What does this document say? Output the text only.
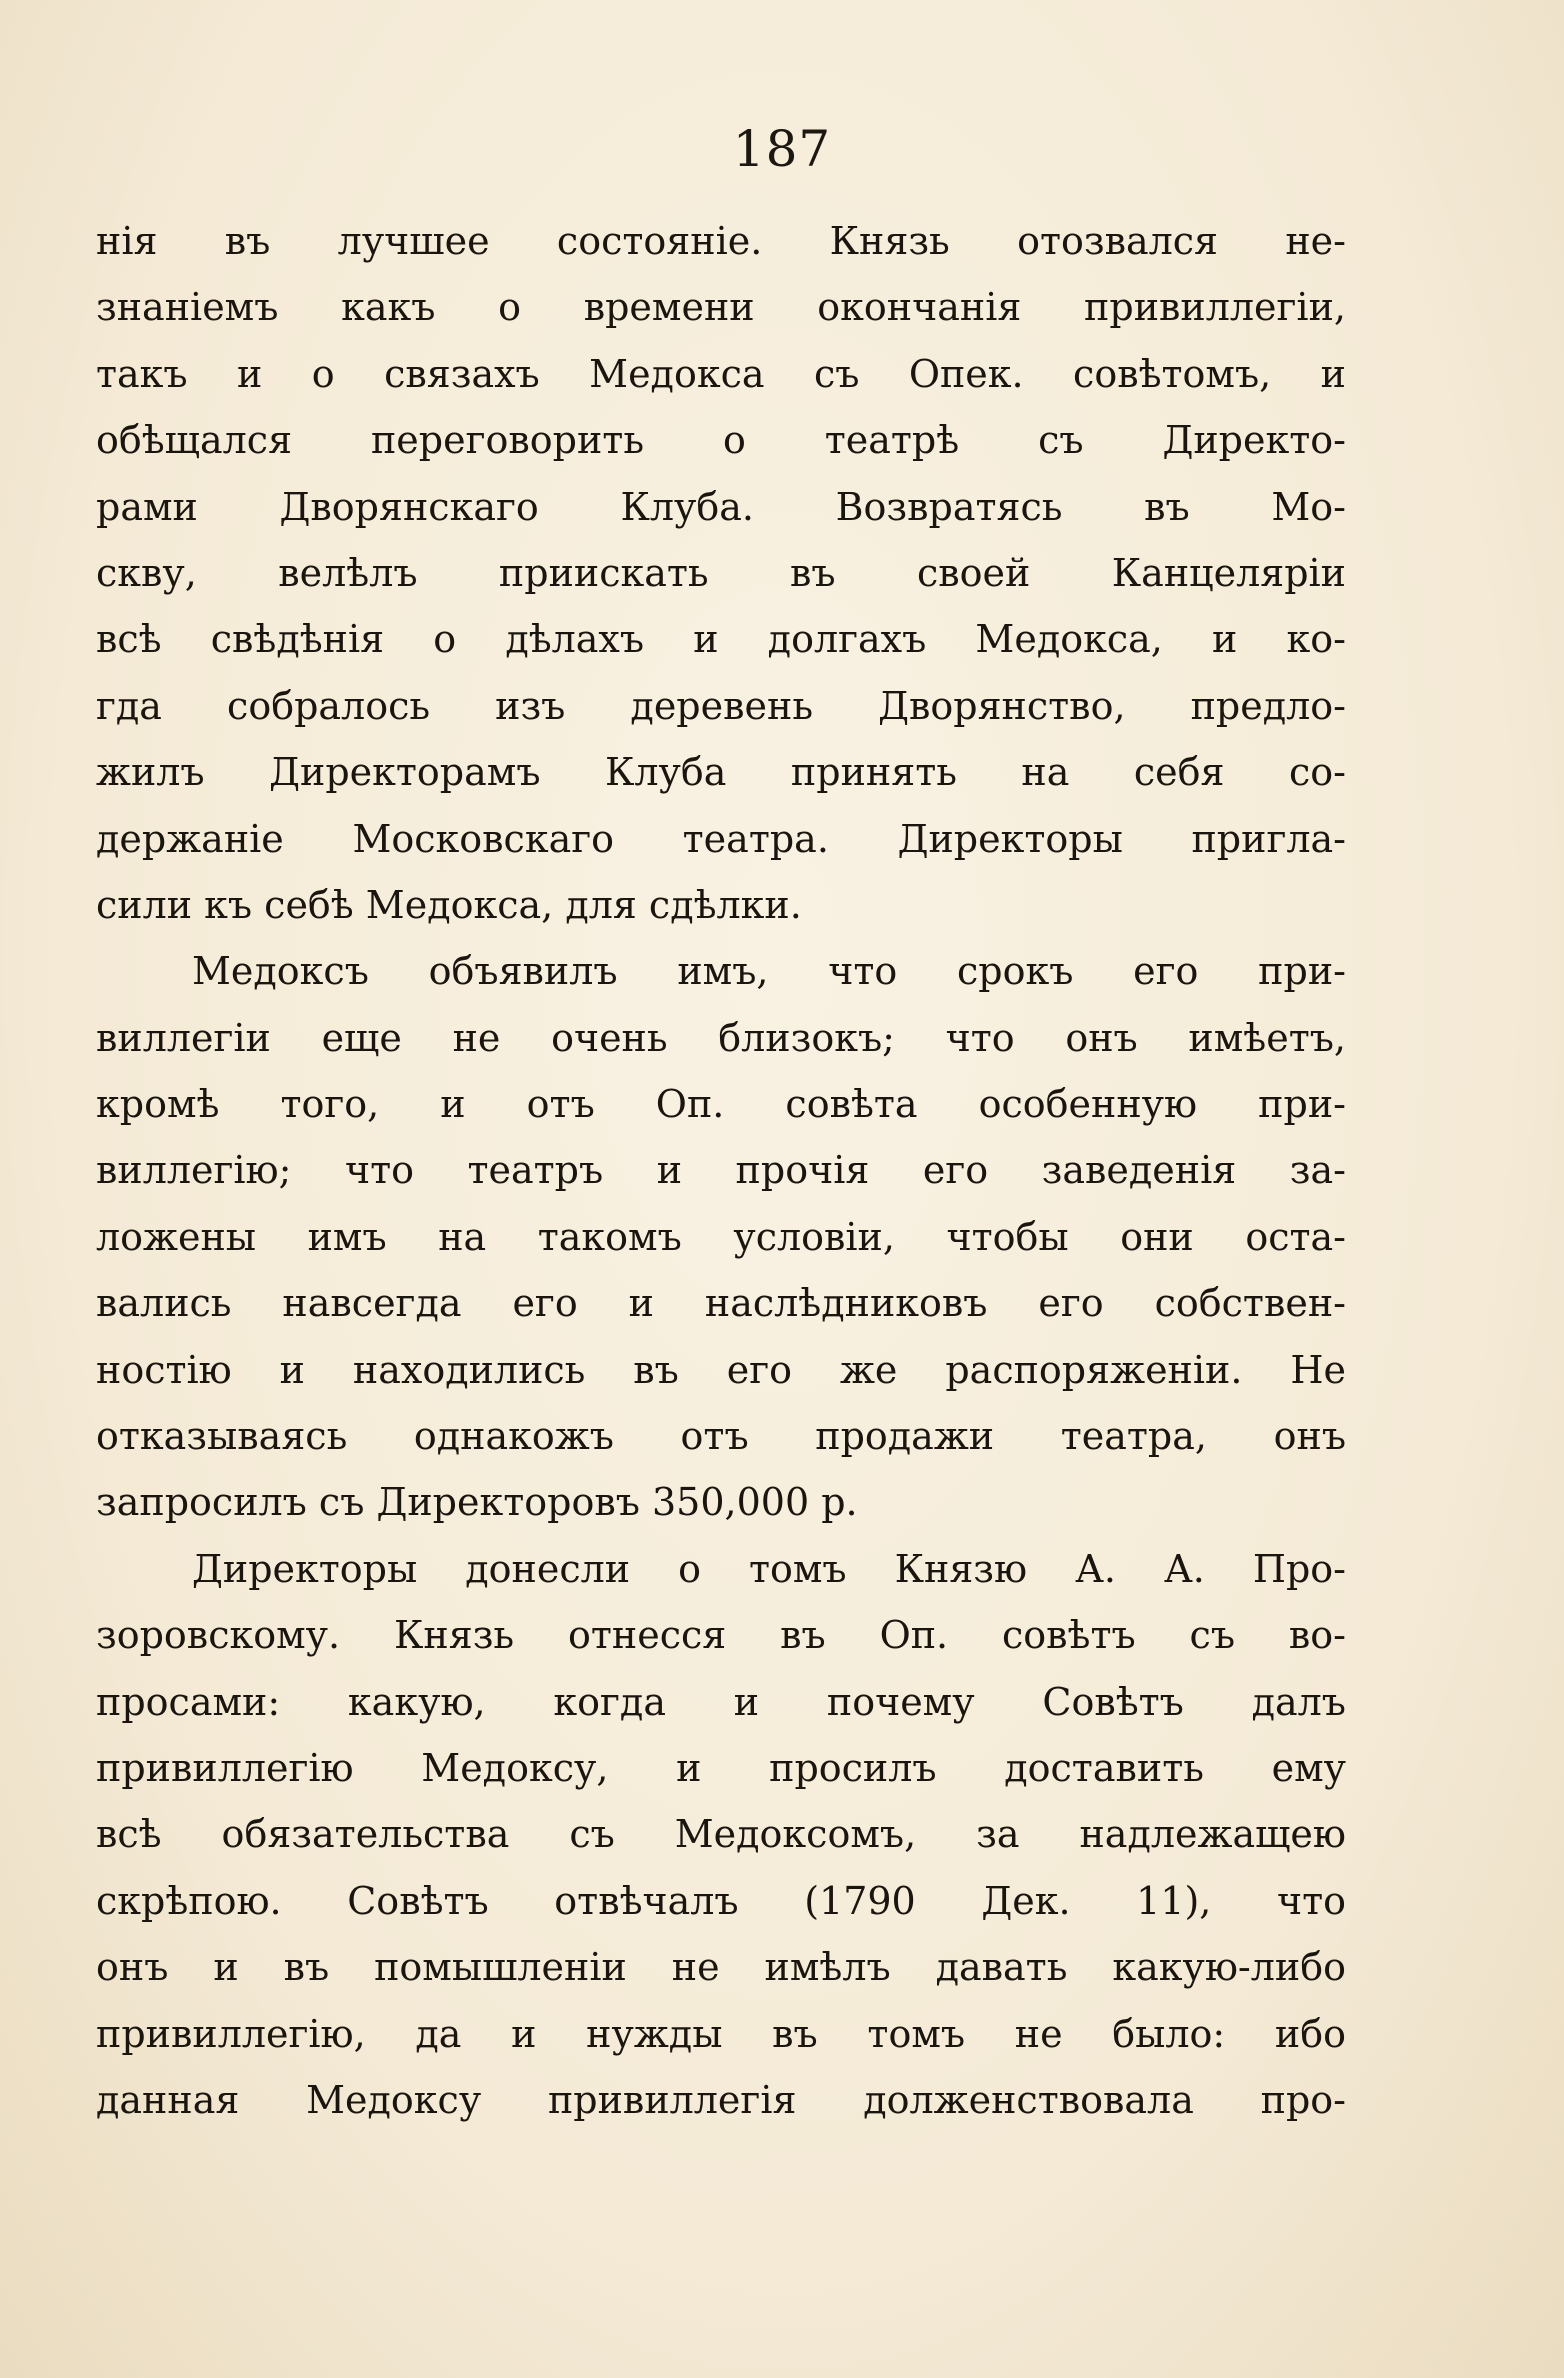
187
нія въ лучшее состояніе. Князь отозвался не-
знаніемъ какъ о времени окончанія привиллегіи,
такъ и о связахъ Медокса съ Опек. совѣтомъ, и
обѣщался переговорить о театрѣ съ Директо-
рами Дворянскаго Клуба. Возвратясь въ Мо-
скву, велѣлъ приискать въ своей Канцеляріи
всѣ свѣдѣнія о дѣлахъ и долгахъ Медокса, и ко-
гда собралось изъ деревень Дворянство, предло-
жилъ Директорамъ Клуба принять на себя со-
держаніе Московскаго театра. Директоры пригла-
сили къ себѣ Медокса, для сдѣлки.
Медоксъ объявилъ имъ, что срокъ его при-
виллегіи еще не очень близокъ; что онъ имѣетъ,
кромѣ того, и отъ Оп. совѣта особенную при-
виллегію; что театръ и прочія его заведенія за-
ложены имъ на такомъ условіи, чтобы они оста-
вались навсегда его и наслѣдниковъ его собствен-
ностію и находились въ его же распоряженіи. Не
отказываясь однакожъ отъ продажи театра, онъ
запросилъ съ Директоровъ 350,000 р.
Директоры донесли о томъ Князю А. А. Про-
зоровскому. Князь отнесся въ Оп. совѣтъ съ во-
просами: какую, когда и почему Совѣтъ далъ
привиллегію Медоксу, и просилъ доставить ему
всѣ обязательства съ Медоксомъ, за надлежащею
скрѣпою. Совѣтъ отвѣчалъ (1790 Дек. 11), что
онъ и въ помышленіи не имѣлъ давать какую-либо
привиллегію, да и нужды въ томъ не было: ибо
данная Медоксу привиллегія долженствовала про-
